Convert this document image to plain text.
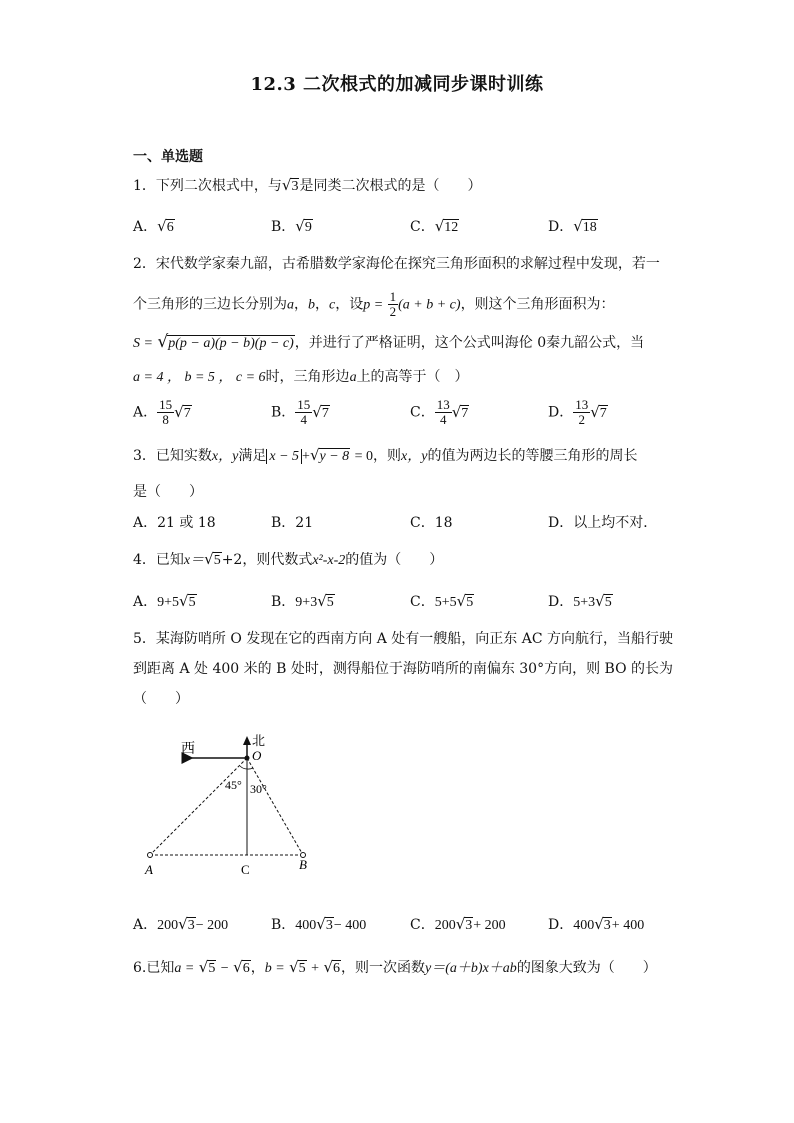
12.3 二次根式的加减同步课时训练
一、单选题
1．下列二次根式中，与√3是同类二次根式的是（　　）
A．√6	B．√9	C．√12	D．√18
2．宋代数学家秦九韶，古希腊数学家海伦在探究三角形面积的求解过程中发现，若一
个三角形的三边长分别为a，b，c，设$p = \frac{1}{2} (a + b + c)$，则这个三角形面积为：
S = √p(p − a)(p − b)(p − c)，并进行了严格证明，这个公式叫海伦 0秦九韶公式，当
a = 4 ， b = 5 ， c = 6时，三角形边a上的高等于（　）
A． $\frac{15}{8} √7$	B． $\frac{15}{4} √7$	C． $\frac{13}{4} √7$	D． $\frac{13}{2} √7$
3．已知实数x，y满足 x − 5 +√y − 8 = 0，则x，y的值为两边长的等腰三角形的周长
是（　　）
A．21 或 18	B．21	C．18	D．以上均不对．
4．已知x＝√5+2，则代数式x²-x-2的值为（　　）
A．9+5√5	B．9+3√5	C．5+5√5	D．5+3√5
5．某海防哨所 O 发现在它的西南方向 A 处有一艘船，向正东 AC 方向航行，当船行驶
到距离 A 处 400 米的 B 处时，测得船位于海防哨所的南偏东 30°方向，则 BO 的长为
（　　）
西
北
O
45° 30°
A	C	B
A．200√3− 200	B．400√3− 400	C．200√3+ 200	D．400√3+ 400
6.已知a = √5 − √6，b = √5 + √6，则一次函数y＝(a＋b)x＋ab的图象大致为（　　）
